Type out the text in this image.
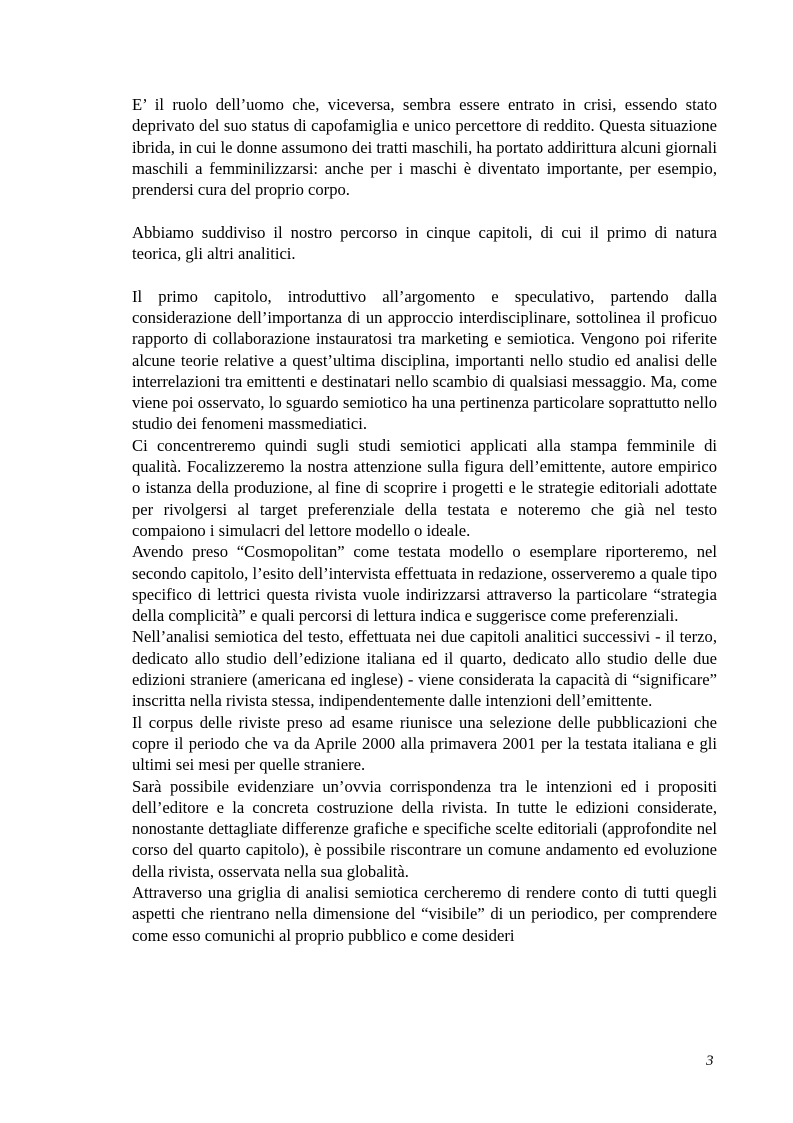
E’ il ruolo dell’uomo che, viceversa, sembra essere entrato in crisi, essendo stato deprivato del suo status di capofamiglia e unico percettore di reddito. Questa situazione ibrida, in cui le donne assumono dei tratti maschili, ha portato addirittura alcuni giornali maschili a femminilizzarsi: anche per i maschi è diventato importante, per esempio, prendersi cura del proprio corpo.

Abbiamo suddiviso il nostro percorso in cinque capitoli, di cui il primo di natura teorica, gli altri analitici.

Il primo capitolo, introduttivo all’argomento e speculativo, partendo dalla considerazione dell’importanza di un approccio interdisciplinare, sottolinea il proficuo rapporto di collaborazione instauratosi tra marketing e semiotica. Vengono poi riferite alcune teorie relative a quest’ultima disciplina, importanti nello studio ed analisi delle interrelazioni tra emittenti e destinatari nello scambio di qualsiasi messaggio. Ma, come viene poi osservato, lo sguardo semiotico ha una pertinenza particolare soprattutto nello studio dei fenomeni massmediatici.

Ci concentreremo quindi sugli studi semiotici applicati alla stampa femminile di qualità. Focalizzeremo la nostra attenzione sulla figura dell’emittente, autore empirico o istanza della produzione, al fine di scoprire i progetti e le strategie editoriali adottate per rivolgersi al target preferenziale della testata e noteremo che già nel testo compaiono i simulacri del lettore modello o ideale.

Avendo preso “Cosmopolitan” come testata modello o esemplare riporteremo, nel secondo capitolo, l’esito dell’intervista effettuata in redazione, osserveremo a quale tipo specifico di lettrici questa rivista vuole indirizzarsi attraverso la particolare “strategia della complicità” e quali percorsi di lettura indica e suggerisce come preferenziali.

Nell’analisi semiotica del testo, effettuata nei due capitoli analitici successivi - il terzo, dedicato allo studio dell’edizione italiana ed il quarto, dedicato allo studio delle due edizioni straniere (americana ed inglese) - viene considerata la capacità di “significare” inscritta nella rivista stessa, indipendentemente dalle intenzioni dell’emittente.

Il corpus delle riviste preso ad esame riunisce una selezione delle pubblicazioni che copre il periodo che va da Aprile 2000 alla primavera 2001 per la testata italiana e gli ultimi sei mesi per quelle straniere.

Sarà possibile evidenziare un’ovvia corrispondenza tra le intenzioni ed i propositi dell’editore e la concreta costruzione della rivista. In tutte le edizioni considerate, nonostante dettagliate differenze grafiche e specifiche scelte editoriali (approfondite nel corso del quarto capitolo), è possibile riscontrare un comune andamento ed evoluzione della rivista, osservata nella sua globalità.

Attraverso una griglia di analisi semiotica cercheremo di rendere conto di tutti quegli aspetti che rientrano nella dimensione del “visibile” di un periodico, per comprendere come esso comunichi al proprio pubblico e come desideri

3
